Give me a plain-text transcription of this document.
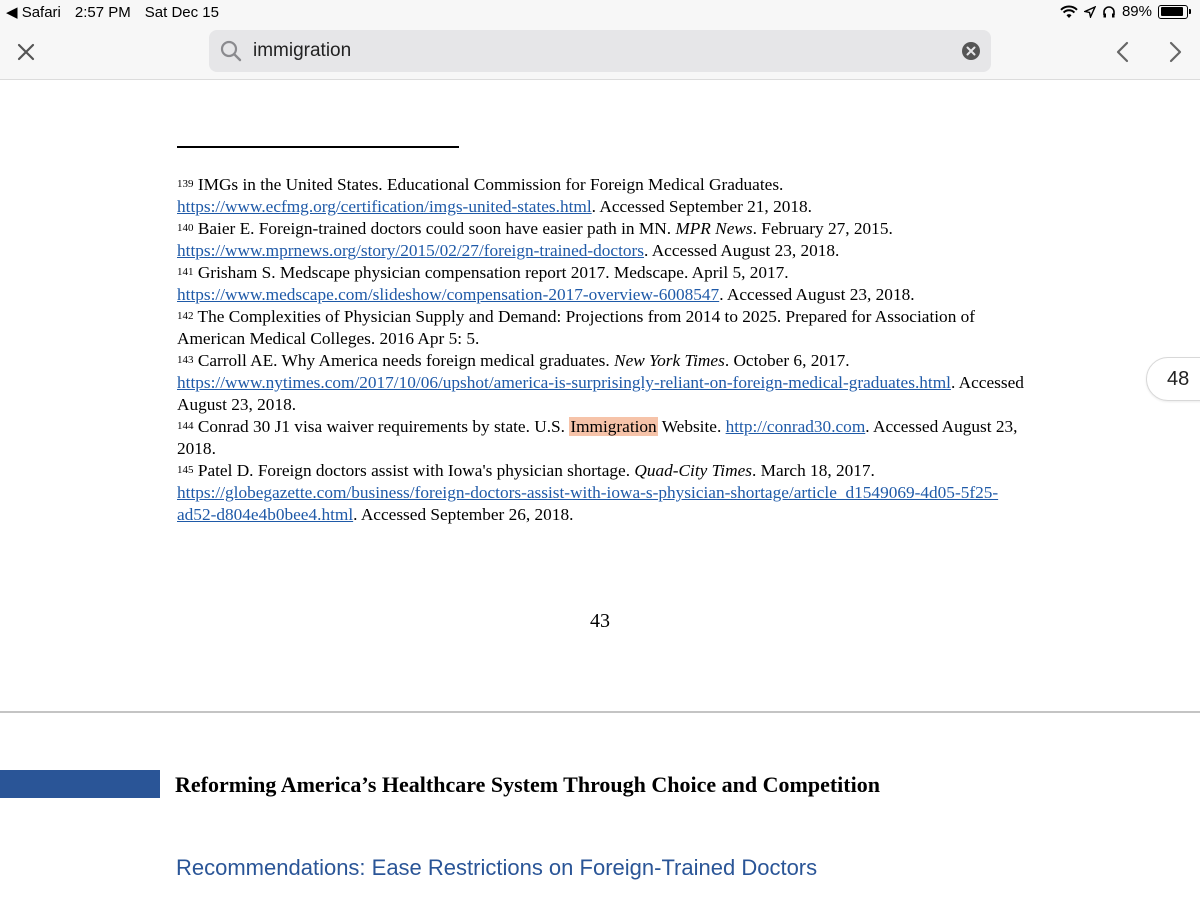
◀ Safari 2:57 PM Sat Dec 15	89%
immigration
$^{139}$ IMGs in the United States. Educational Commission for Foreign Medical Graduates.
https://www.ecfmg.org/certification/imgs-united-states.html. Accessed September 21, 2018.
$^{140}$ Baier E. Foreign-trained doctors could soon have easier path in MN. MPR News. February 27, 2015.
https://www.mprnews.org/story/2015/02/27/foreign-trained-doctors. Accessed August 23, 2018.
$^{141}$ Grisham S. Medscape physician compensation report 2017. Medscape. April 5, 2017.
https://www.medscape.com/slideshow/compensation-2017-overview-6008547. Accessed August 23, 2018.
$^{142}$ The Complexities of Physician Supply and Demand: Projections from 2014 to 2025. Prepared for Association of American Medical Colleges. 2016 Apr 5: 5.
$^{143}$ Carroll AE. Why America needs foreign medical graduates. New York Times. October 6, 2017.
https://www.nytimes.com/2017/10/06/upshot/america-is-surprisingly-reliant-on-foreign-medical-graduates.html. Accessed August 23, 2018.
$^{144}$ Conrad 30 J1 visa waiver requirements by state. U.S. Immigration Website. http://conrad30.com. Accessed August 23, 2018.
$^{145}$ Patel D. Foreign doctors assist with Iowa's physician shortage. Quad-City Times. March 18, 2017.
https://globegazette.com/business/foreign-doctors-assist-with-iowa-s-physician-shortage/article_d1549069-4d05-5f25-ad52-d804e4b0bee4.html. Accessed September 26, 2018.
43
48
Reforming America’s Healthcare System Through Choice and Competition
Recommendations: Ease Restrictions on Foreign-Trained Doctors
